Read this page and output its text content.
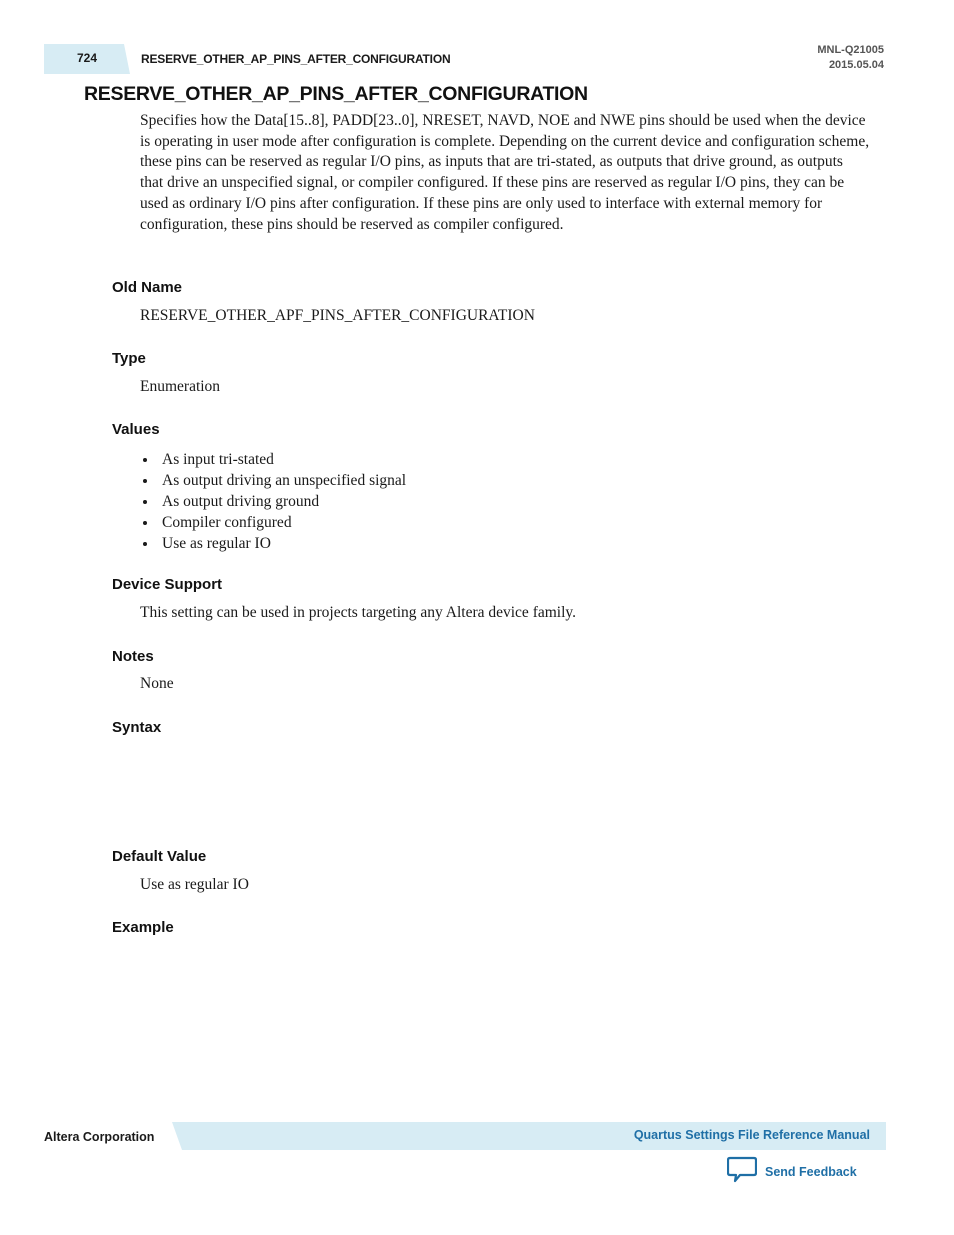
724	RESERVE_OTHER_AP_PINS_AFTER_CONFIGURATION
MNL-Q21005
2015.05.04
RESERVE_OTHER_AP_PINS_AFTER_CONFIGURATION

Specifies how the Data[15..8], PADD[23..0], NRESET, NAVD, NOE and NWE pins should be used when the device is operating in user mode after configuration is complete. Depending on the current device and configuration scheme, these pins can be reserved as regular I/O pins, as inputs that are tri-stated, as outputs that drive ground, as outputs that drive an unspecified signal, or compiler configured. If these pins are reserved as regular I/O pins, they can be used as ordinary I/O pins after configuration. If these pins are only used to interface with external memory for configuration, these pins should be reserved as compiler configured.

Old Name

RESERVE_OTHER_APF_PINS_AFTER_CONFIGURATION

Type

Enumeration

Values
As input tri-stated
As output driving an unspecified signal
As output driving ground
Compiler configured
Use as regular IO
Device Support

This setting can be used in projects targeting any Altera device family.

Notes

None

Syntax
Default Value

Use as regular IO

Example
Altera Corporation	Quartus Settings File Reference Manual
Send Feedback
